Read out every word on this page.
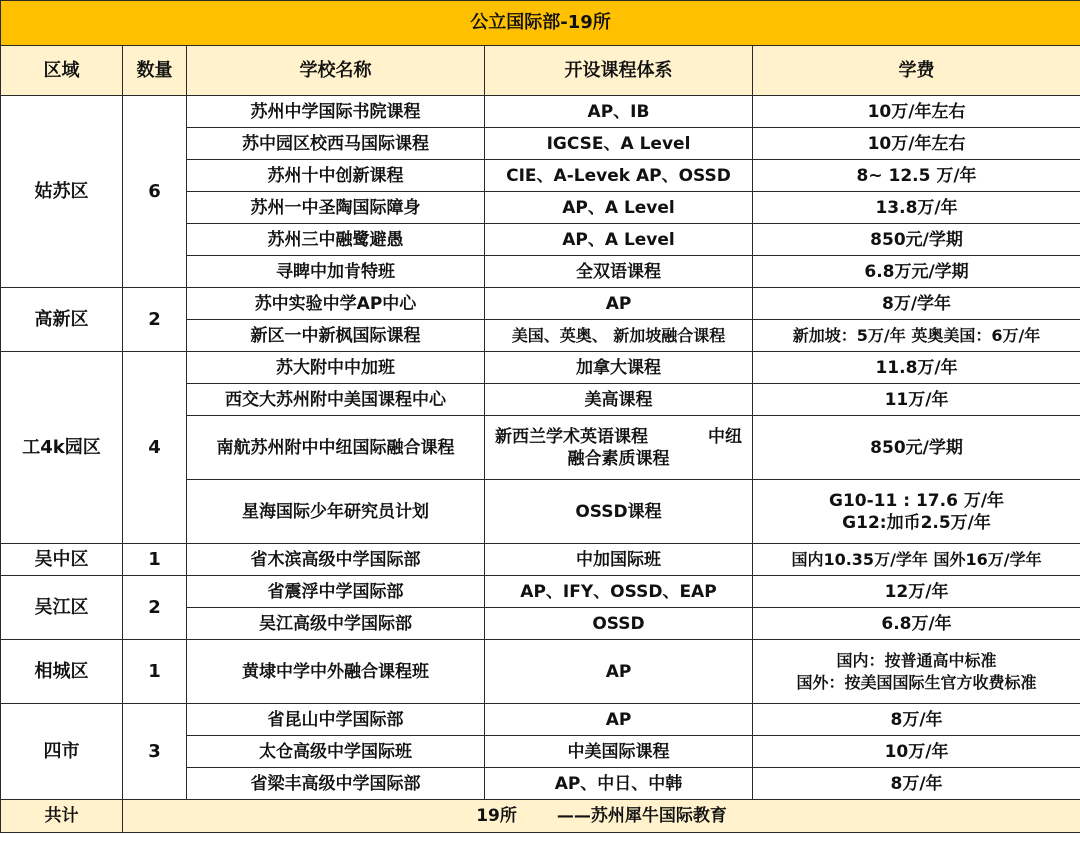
公立国际部-19所				
区域	数量	学校名称	开设课程体系	学费
姑苏区	6	苏州中学国际书院课程	AP、IB	10万/年左右
		苏中园区校西马国际课程	IGCSE、A Level	10万/年左右
		苏州十中创新课程	CIE、A-Levek AP、OSSD	8~ 12.5 万/年
		苏州一中圣陶国际障身	AP、A Level	13.8万/年
		苏州三中融鹭避愚	AP、A Level	850元/学期
		寻睥中加肯特班	全双语课程	6.8万元/学期
高新区	2	苏中实验中学AP中心	AP	8万/学年
		新区一中新枫国际课程	美国、英奥、 新加坡融合课程	新加坡：5万/年 英奥美国：6万/年
工4k园区	4	苏大附中中加班	加拿大课程	11.8万/年
		西交大苏州附中美国课程中心	美高课程	11万/年
		南航苏州附中中纽国际融合课程	新西兰学术英语课程 中纽
融合素质课程	850元/学期
		星海国际少年研究员计划	OSSD课程	G10-11 : 17.6 万/年
G12:加币2.5万/年
吴中区	1	省木滨高级中学国际部	中加国际班	国内10.35万/学年 国外16万/学年
吴江区	2	省震浮中学国际部	AP、IFY、OSSD、EAP	12万/年
		吴江高级中学国际部	OSSD	6.8万/年
相城区	1	黄埭中学中外融合课程班	AP	国内：按普通高中标准
国外：按美国国际生官方收费标准
四市	3	省昆山中学国际部	AP	8万/年
		太仓高级中学国际班	中美国际课程	10万/年
		省梁丰高级中学国际部	AP、中日、中韩	8万/年
共计	19所 ——苏州犀牛国际教育			
